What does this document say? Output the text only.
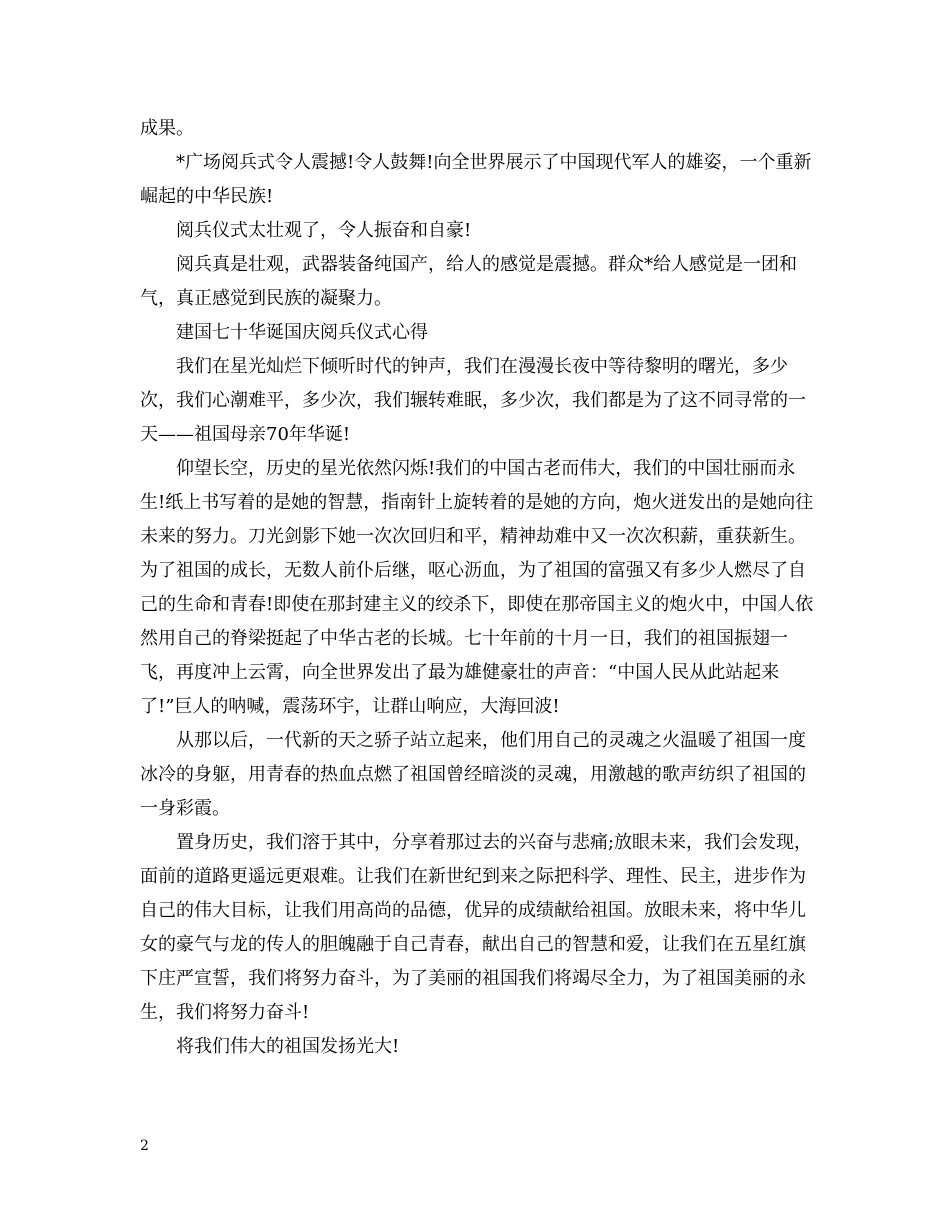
成果。

*广场阅兵式令人震撼!令人鼓舞!向全世界展示了中国现代军人的雄姿，一个重新崛起的中华民族!

阅兵仪式太壮观了，令人振奋和自豪!

阅兵真是壮观，武器装备纯国产，给人的感觉是震撼。群众*给人感觉是一团和气，真正感觉到民族的凝聚力。

建国七十华诞国庆阅兵仪式心得

我们在星光灿烂下倾听时代的钟声，我们在漫漫长夜中等待黎明的曙光，多少次，我们心潮难平，多少次，我们辗转难眠，多少次，我们都是为了这不同寻常的一天——祖国母亲70年华诞!

仰望长空，历史的星光依然闪烁!我们的中国古老而伟大，我们的中国壮丽而永生!纸上书写着的是她的智慧，指南针上旋转着的是她的方向，炮火迸发出的是她向往未来的努力。刀光剑影下她一次次回归和平，精神劫难中又一次次积薪，重获新生。为了祖国的成长，无数人前仆后继，呕心沥血，为了祖国的富强又有多少人燃尽了自己的生命和青春!即使在那封建主义的绞杀下，即使在那帝国主义的炮火中，中国人依然用自己的脊梁挺起了中华古老的长城。七十年前的十月一日，我们的祖国振翅一飞，再度冲上云霄，向全世界发出了最为雄健豪壮的声音：“中国人民从此站起来了!”巨人的呐喊，震荡环宇，让群山响应，大海回波!

从那以后，一代新的天之骄子站立起来，他们用自己的灵魂之火温暖了祖国一度冰冷的身躯，用青春的热血点燃了祖国曾经暗淡的灵魂，用激越的歌声纺织了祖国的一身彩霞。

置身历史，我们溶于其中，分享着那过去的兴奋与悲痛;放眼未来，我们会发现，面前的道路更遥远更艰难。让我们在新世纪到来之际把科学、理性、民主，进步作为自己的伟大目标，让我们用高尚的品德，优异的成绩献给祖国。放眼未来，将中华儿女的豪气与龙的传人的胆魄融于自己青春，献出自己的智慧和爱，让我们在五星红旗下庄严宣誓，我们将努力奋斗，为了美丽的祖国我们将竭尽全力，为了祖国美丽的永生，我们将努力奋斗!

将我们伟大的祖国发扬光大!

2
